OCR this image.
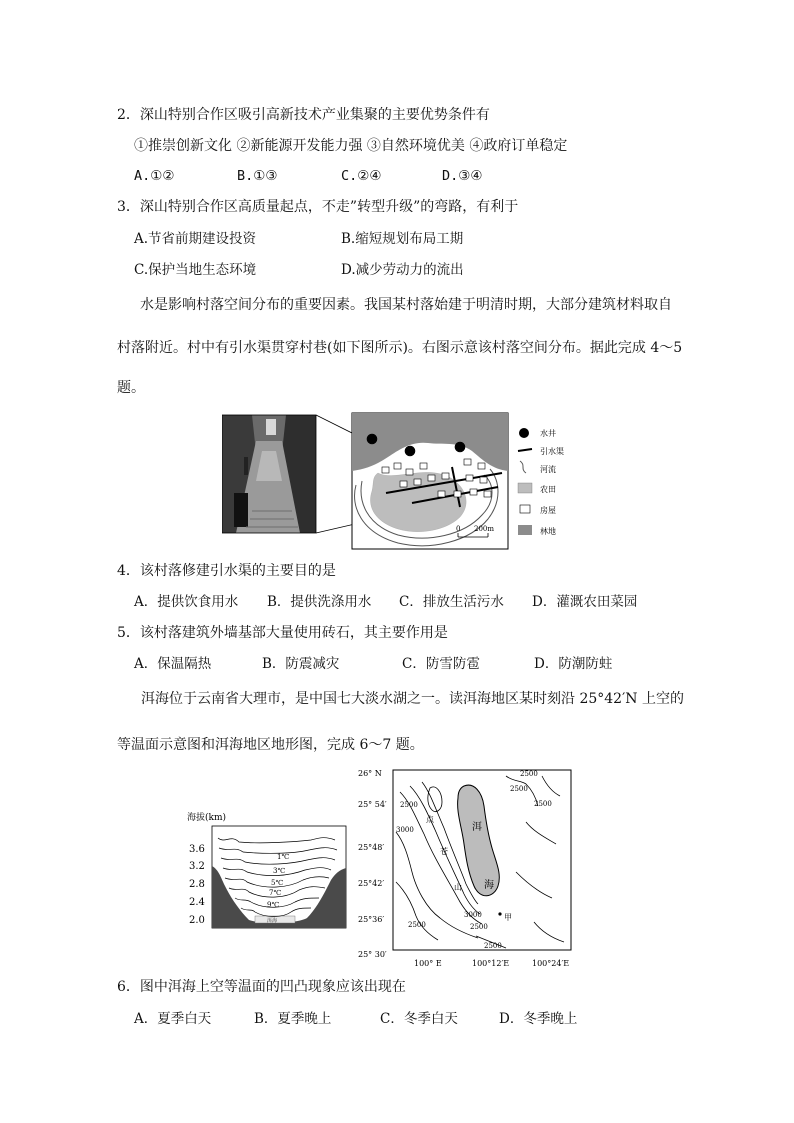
2．深山特别合作区吸引高新技术产业集聚的主要优势条件有
①推崇创新文化 ②新能源开发能力强 ③自然环境优美 ④政府订单稳定
A.①②	B.①③	C.②④	D.③④
3．深山特别合作区高质量起点，不走”转型升级”的弯路，有利于
A.节省前期建设投资	B.缩短规划布局工期
C.保护当地生态环境	D.减少劳动力的流出
水是影响村落空间分布的重要因素。我国某村落始建于明清时期，大部分建筑材料取自
村落附近。村中有引水渠贯穿村巷(如下图所示)。右图示意该村落空间分布。据此完成 4～5
题。
0 200m
水井
引水渠
河流
农田
房屋
林地
4．该村落修建引水渠的主要目的是
A．提供饮食用水 B．提供洗涤用水 C．排放生活污水 D．灌溉农田菜园
5．该村落建筑外墙基部大量使用砖石，其主要作用是
A．保温隔热	B．防震减灾	C．防雪防雹	D．防潮防蛀
洱海位于云南省大理市，是中国七大淡水湖之一。读洱海地区某时刻沿 25°42′N 上空的
等温面示意图和洱海地区地形图，完成 6～7 题。
海拔(km)
洱海
1℃
3℃
5℃
7℃
9℃
3.6
3.2
2.8
2.4
2.0
2500
3000
2500
2500
2500
3000
2500
2500
2500
洱
海
点
苍
山
甲
26° N
25° 54′
25°48′
25°42′
25°36′
25° 30′
100° E	100°12′E	100°24′E
6．图中洱海上空等温面的凹凸现象应该出现在
A．夏季白天	B．夏季晚上	C．冬季白天	D．冬季晚上
